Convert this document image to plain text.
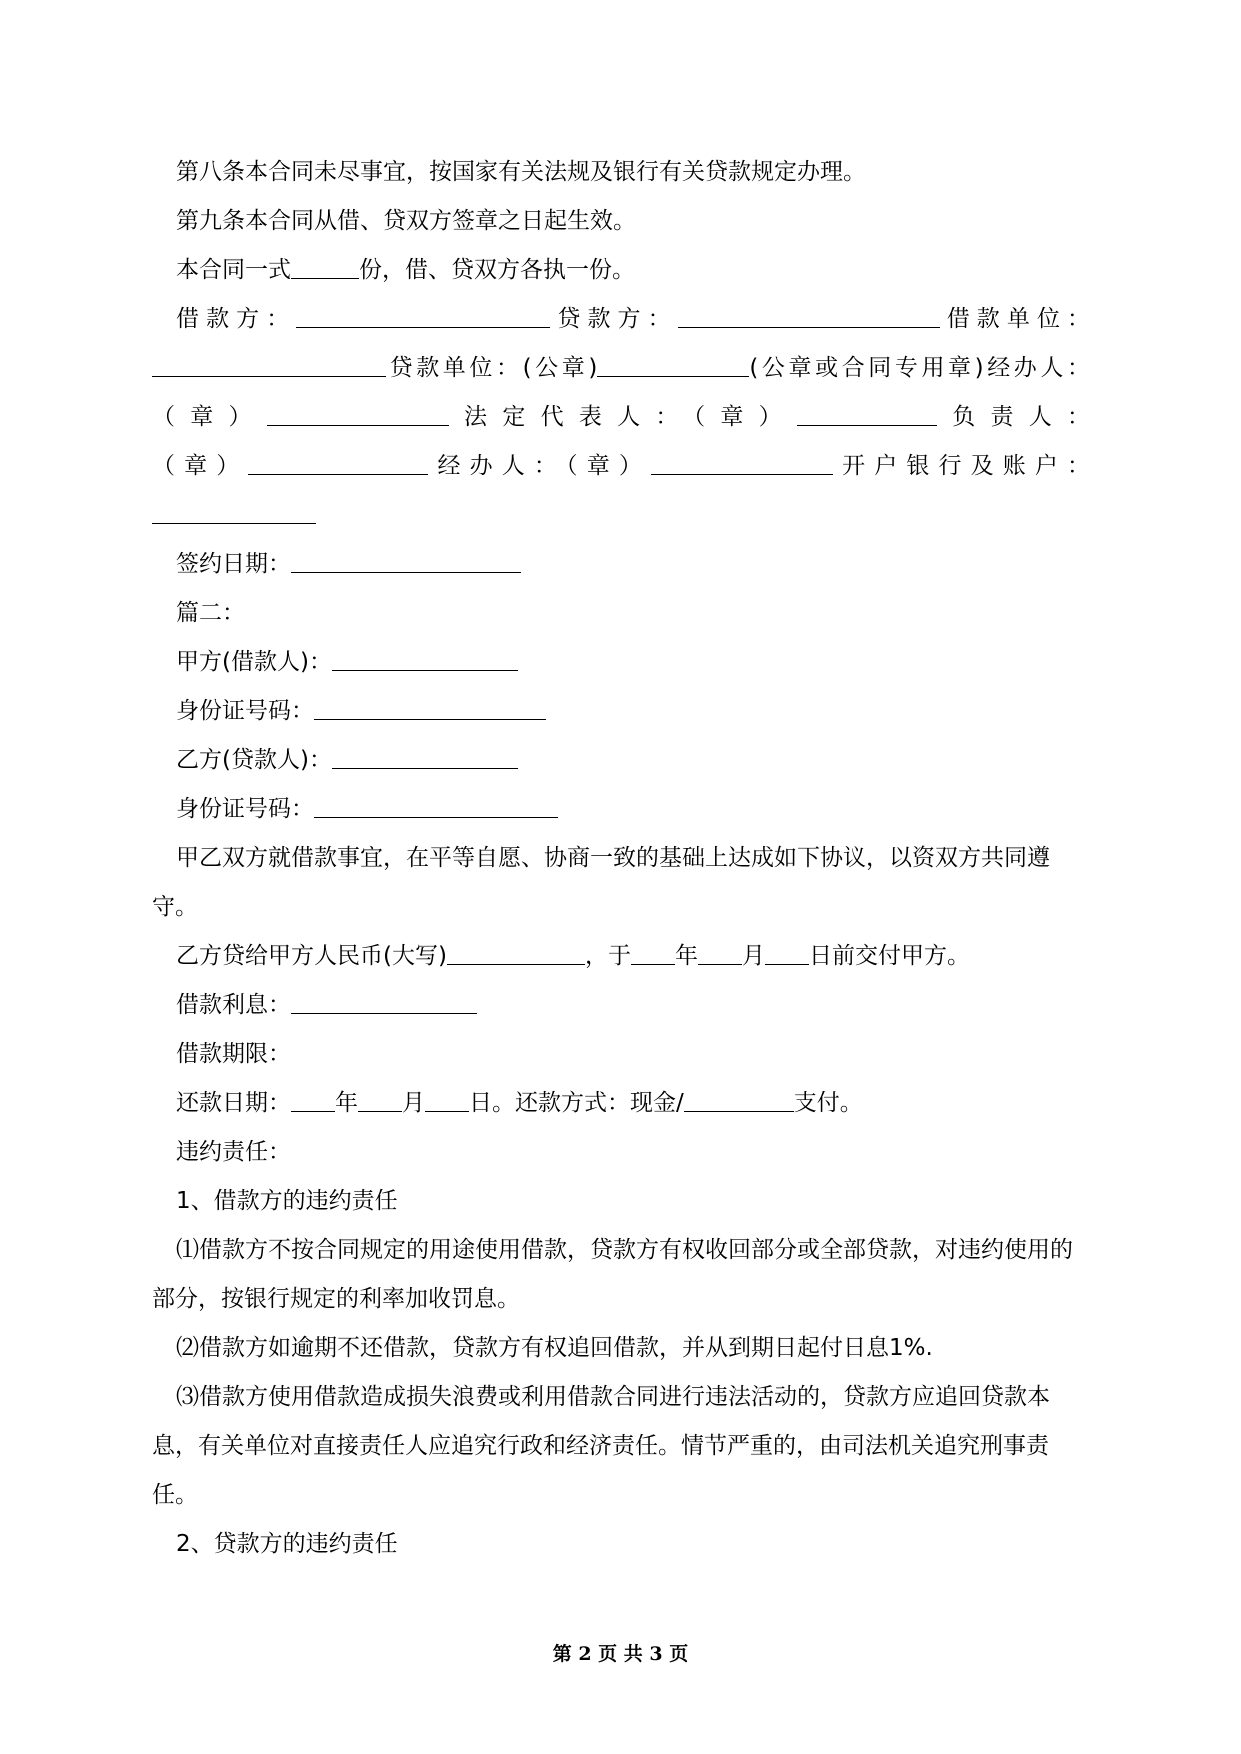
第八条本合同未尽事宜，按国家有关法规及银行有关贷款规定办理。
第九条本合同从借、贷双方签章之日起生效。
本合同一式	份，借、贷双方各执一份。
借款方：	贷款方：	借款单位：
贷款单位：(公章)	(公章或合同专用章)经办人：
（章）	法定代表人：（章）	负责人：
（章）	经办人：（章）	开户银行及账户：
签约日期：
篇二：
甲方(借款人)：
身份证号码：
乙方(贷款人)：
身份证号码：
甲乙双方就借款事宜，在平等自愿、协商一致的基础上达成如下协议，以资双方共同遵守。
乙方贷给甲方人民币(大写)	，于 年 月 日前交付甲方。
借款利息：
借款期限：
还款日期： 年 月 日。还款方式：现金/	支付。
违约责任：
1、借款方的违约责任
⑴借款方不按合同规定的用途使用借款，贷款方有权收回部分或全部贷款，对违约使用的部分，按银行规定的利率加收罚息。
⑵借款方如逾期不还借款，贷款方有权追回借款，并从到期日起付日息1%.
⑶借款方使用借款造成损失浪费或利用借款合同进行违法活动的，贷款方应追回贷款本息，有关单位对直接责任人应追究行政和经济责任。情节严重的，由司法机关追究刑事责任。
2、贷款方的违约责任
第 2 页 共 3 页
